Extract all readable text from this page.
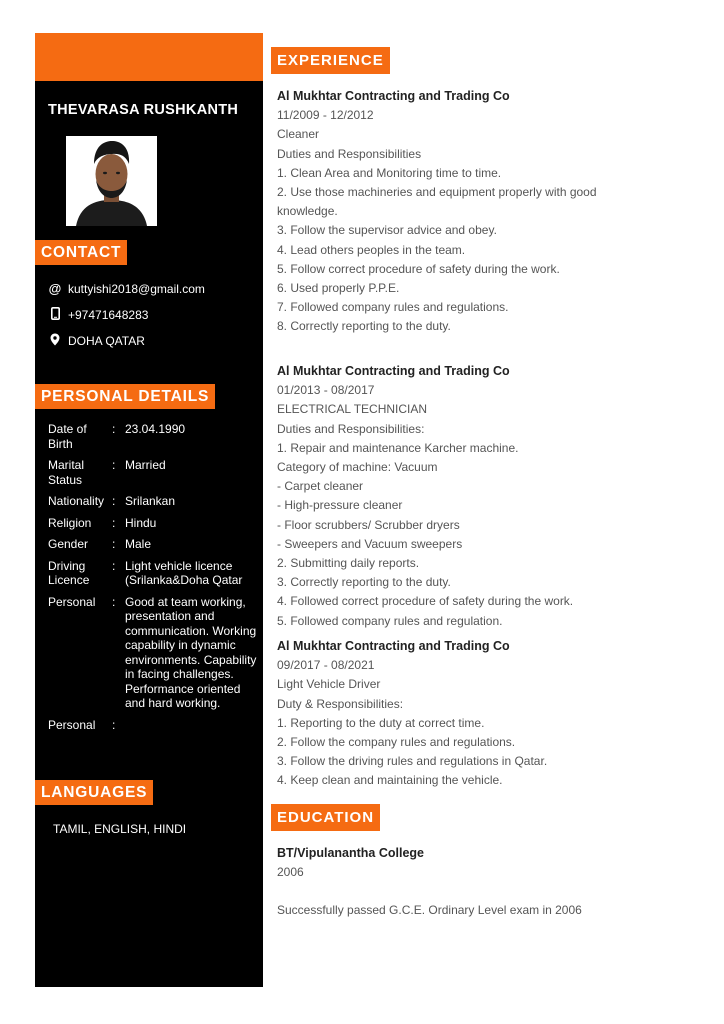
THEVARASA RUSHKANTH
CONTACT
@ kuttyishi2018@gmail.com
+97471648283
DOHA QATAR
PERSONAL DETAILS
Date of Birth
: 23.04.1990
Marital Status
: Married
Nationality : Srilankan
Religion	: Hindu
Gender	: Male
Driving Licence
: Light vehicle licence (Srilanka&Doha Qatar
Personal	: Good at team working, presentation and communication. Working capability in dynamic environments. Capability in facing challenges. Performance oriented and hard working.
Personal	:
LANGUAGES
TAMIL, ENGLISH, HINDI
EXPERIENCE
Al Mukhtar Contracting and Trading Co
11/2009 - 12/2012
Cleaner
Duties and Responsibilities
1. Clean Area and Monitoring time to time.
2. Use those machineries and equipment properly with good knowledge.
3. Follow the supervisor advice and obey.
4. Lead others peoples in the team.
5. Follow correct procedure of safety during the work.
6. Used properly P.P.E.
7. Followed company rules and regulations.
8. Correctly reporting to the duty.
Al Mukhtar Contracting and Trading Co
01/2013 - 08/2017
ELECTRICAL TECHNICIAN
Duties and Responsibilities:
1. Repair and maintenance Karcher machine.
Category of machine: Vacuum
- Carpet cleaner
- High-pressure cleaner
- Floor scrubbers/ Scrubber dryers
- Sweepers and Vacuum sweepers
2. Submitting daily reports.
3. Correctly reporting to the duty.
4. Followed correct procedure of safety during the work.
5. Followed company rules and regulation.
Al Mukhtar Contracting and Trading Co
09/2017 - 08/2021
Light Vehicle Driver
Duty & Responsibilities:
1. Reporting to the duty at correct time.
2. Follow the company rules and regulations.
3. Follow the driving rules and regulations in Qatar.
4. Keep clean and maintaining the vehicle.
EDUCATION
BT/Vipulanantha College
2006
Successfully passed G.C.E. Ordinary Level exam in 2006
